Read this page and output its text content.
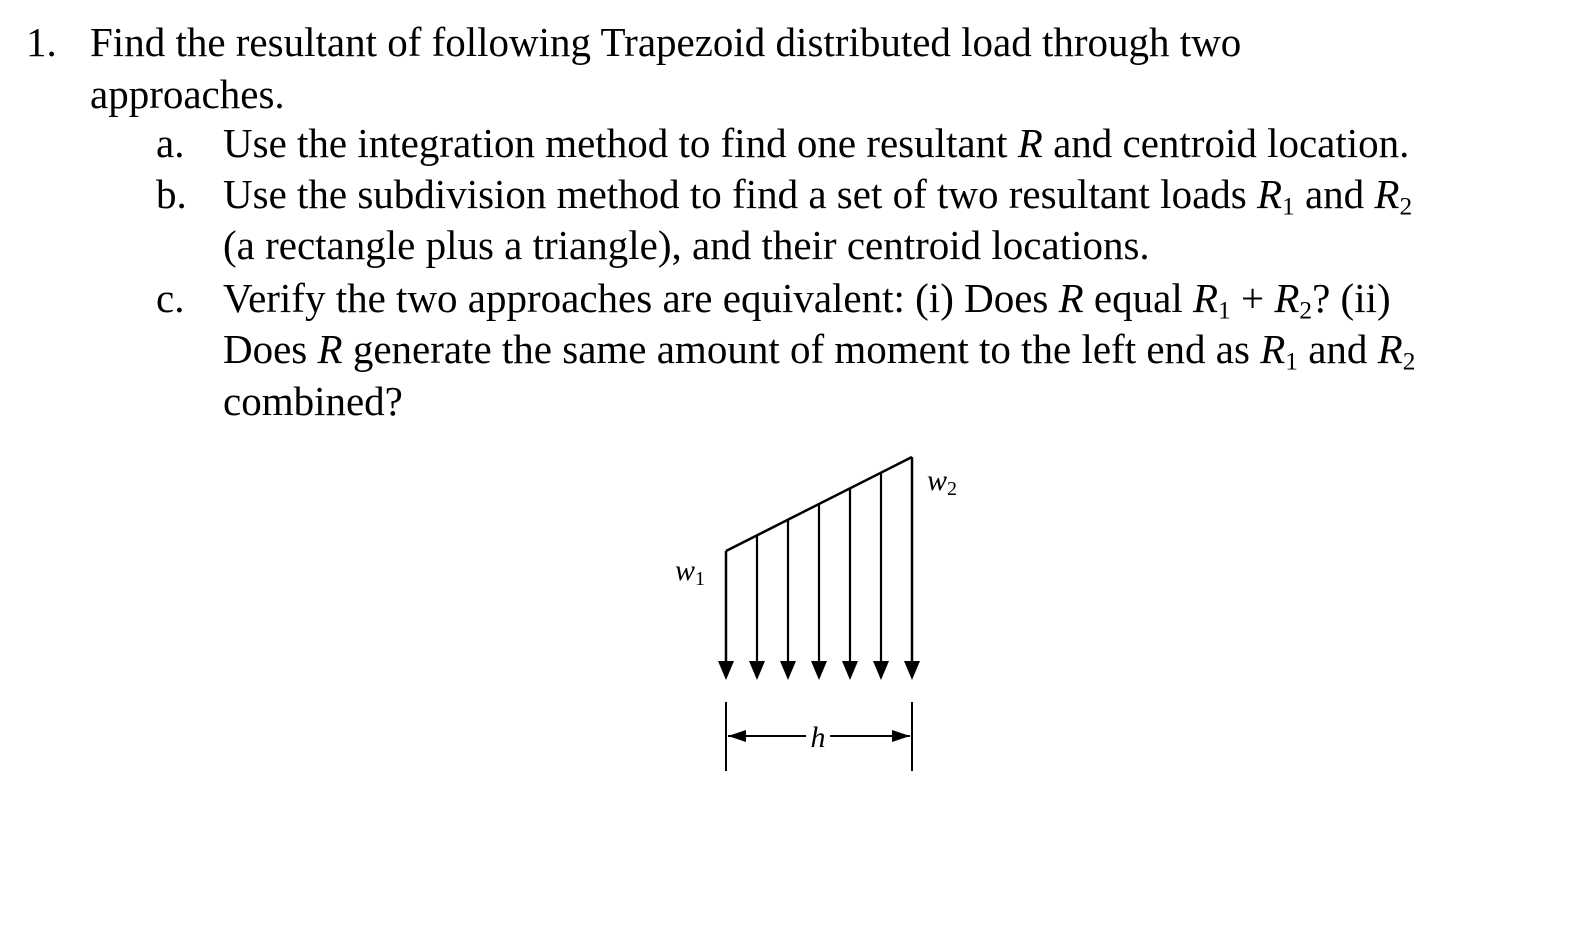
1. Find the resultant of following Trapezoid distributed load through two
approaches.
a. Use the integration method to find one resultant R and centroid location.
b. Use the subdivision method to find a set of two resultant loads $R_1$ and $R_2$
(a rectangle plus a triangle), and their centroid locations.
c. Verify the two approaches are equivalent: (i) Does R equal $R_1 + R_2$? (ii)
Does R generate the same amount of moment to the left end as $R_1$ and $R_2$
combined?
h
w1
w2
